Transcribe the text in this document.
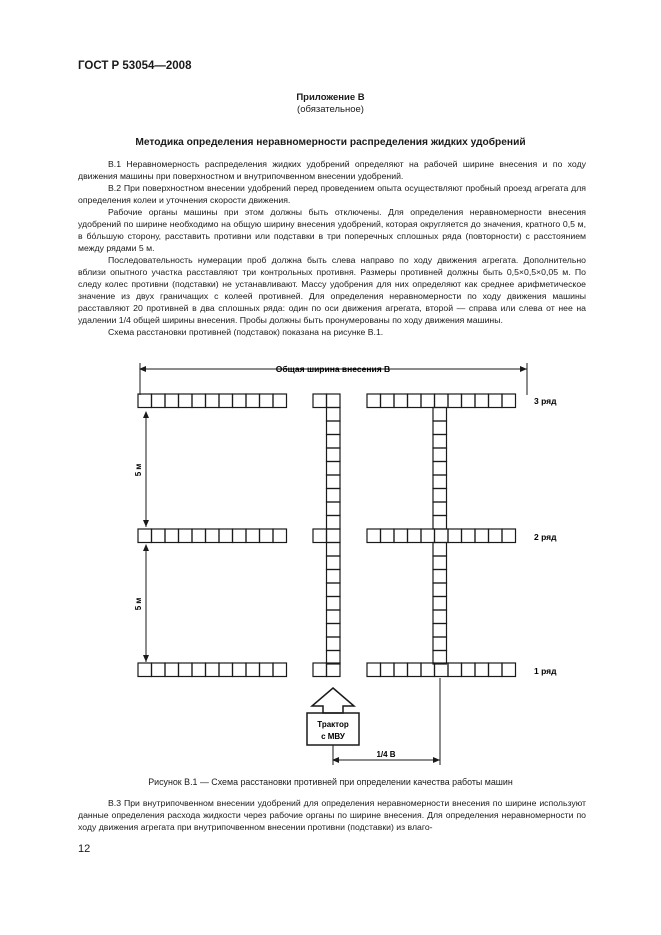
ГОСТ Р 53054—2008
Приложение В
(обязательное)
Методика определения неравномерности распределения жидких удобрений

В.1 Неравномерность распределения жидких удобрений определяют на рабочей ширине внесения и по ходу движения машины при поверхностном и внутрипочвенном внесении удобрений.

В.2 При поверхностном внесении удобрений перед проведением опыта осуществляют пробный проезд агрегата для определения колеи и уточнения скорости движения.

Рабочие органы машины при этом должны быть отключены. Для определения неравномерности внесения удобрений по ширине необходимо на общую ширину внесения удобрений, которая округляется до значения, кратного 0,5 м, в бо́льшую сторону, расставить противни или подставки в три поперечных сплошных ряда (повторности) с расстоянием между рядами 5 м.

Последовательность нумерации проб должна быть слева направо по ходу движения агрегата. Дополнительно вблизи опытного участка расставляют три контрольных противня. Размеры противней должны быть 0,5×0,5×0,05 м. По следу колес противни (подставки) не устанавливают. Массу удобрения для них определяют как среднее арифметическое значение из двух граничащих с колеей противней. Для определения неравномерности по ходу движения машины расставляют 20 противней в два сплошных ряда: один по оси движения агрегата, второй — справа или слева от нее на удалении 1/4 общей ширины внесения. Пробы должны быть пронумерованы по ходу движения машины.

Схема расстановки противней (подставок) показана на рисунке В.1.

Общая ширина внесения В
3 ряд
2 ряд
1 ряд
5 м
5 м
Трактор
с МВУ
1/4 В
Рисунок В.1 — Схема расстановки противней при определении качества работы машин

В.3 При внутрипочвенном внесении удобрений для определения неравномерности внесения по ширине используют данные определения расхода жидкости через рабочие органы по ширине внесения. Для определения неравномерности по ходу движения агрегата при внутрипочвенном внесении противни (подставки) из влаго-

12
